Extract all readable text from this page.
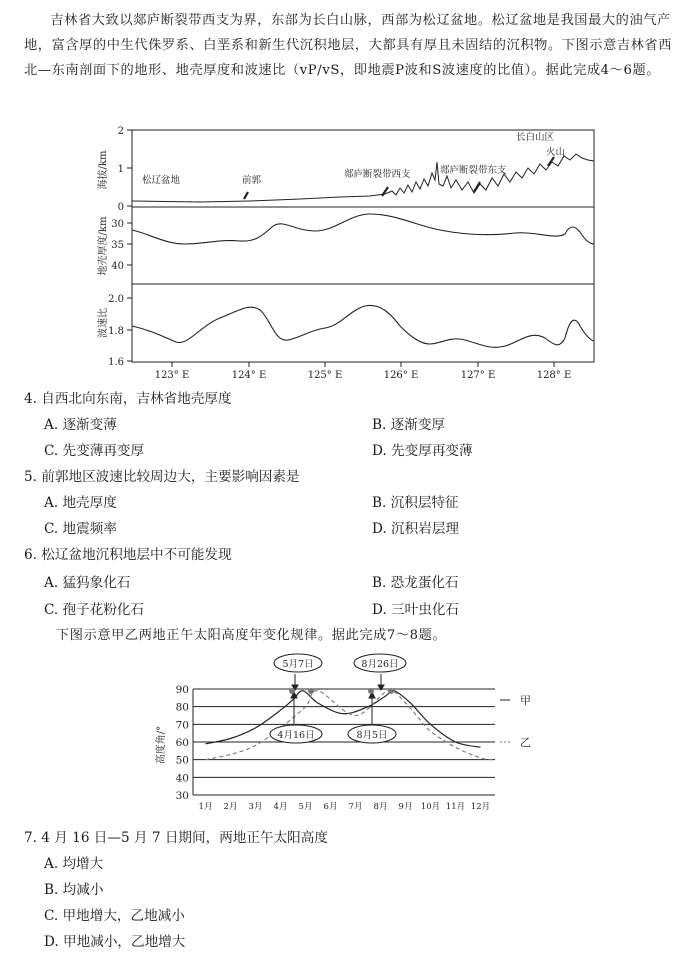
吉林省大致以郯庐断裂带西支为界，东部为长白山脉，西部为松辽盆地。松辽盆地是我国最大的油气产地，富含厚的中生代侏罗系、白垩系和新生代沉积地层，大都具有厚且未固结的沉积物。下图示意吉林省西北—东南剖面下的地形、地壳厚度和波速比（vP/vS，即地震P波和S波速度的比值）。据此完成4～6题。

2
1
0
30
35
40
2.0
1.8
1.6
海拔/km
地壳厚度/km
波速比
123° E	124° E	125° E	126° E	127° E	128° E
松辽盆地	前郭
郯庐断裂带西支	郯庐断裂带东支
长白山区
火山

4. 自西北向东南，吉林省地壳厚度

A. 逐渐变薄	B. 逐渐变厚

C. 先变薄再变厚	D. 先变厚再变薄

5. 前郭地区波速比较周边大，主要影响因素是

A. 地壳厚度	B. 沉积层特征

C. 地震频率	D. 沉积岩层理

6. 松辽盆地沉积地层中不可能发现

A. 猛犸象化石	B. 恐龙蛋化石

C. 孢子花粉化石	D. 三叶虫化石

下图示意甲乙两地正午太阳高度年变化规律。据此完成7～8题。

90
80
70
60
50
40
30
1月 2月 3月 4月 5月 6月 7月 8月 9月 10月 11月 12月
高度角/°
5月7日	8月26日
4月16日	8月5日
甲
乙

7. 4 月 16 日—5 月 7 日期间，两地正午太阳高度

A. 均增大

B. 均减小

C. 甲地增大，乙地减小

D. 甲地减小，乙地增大
